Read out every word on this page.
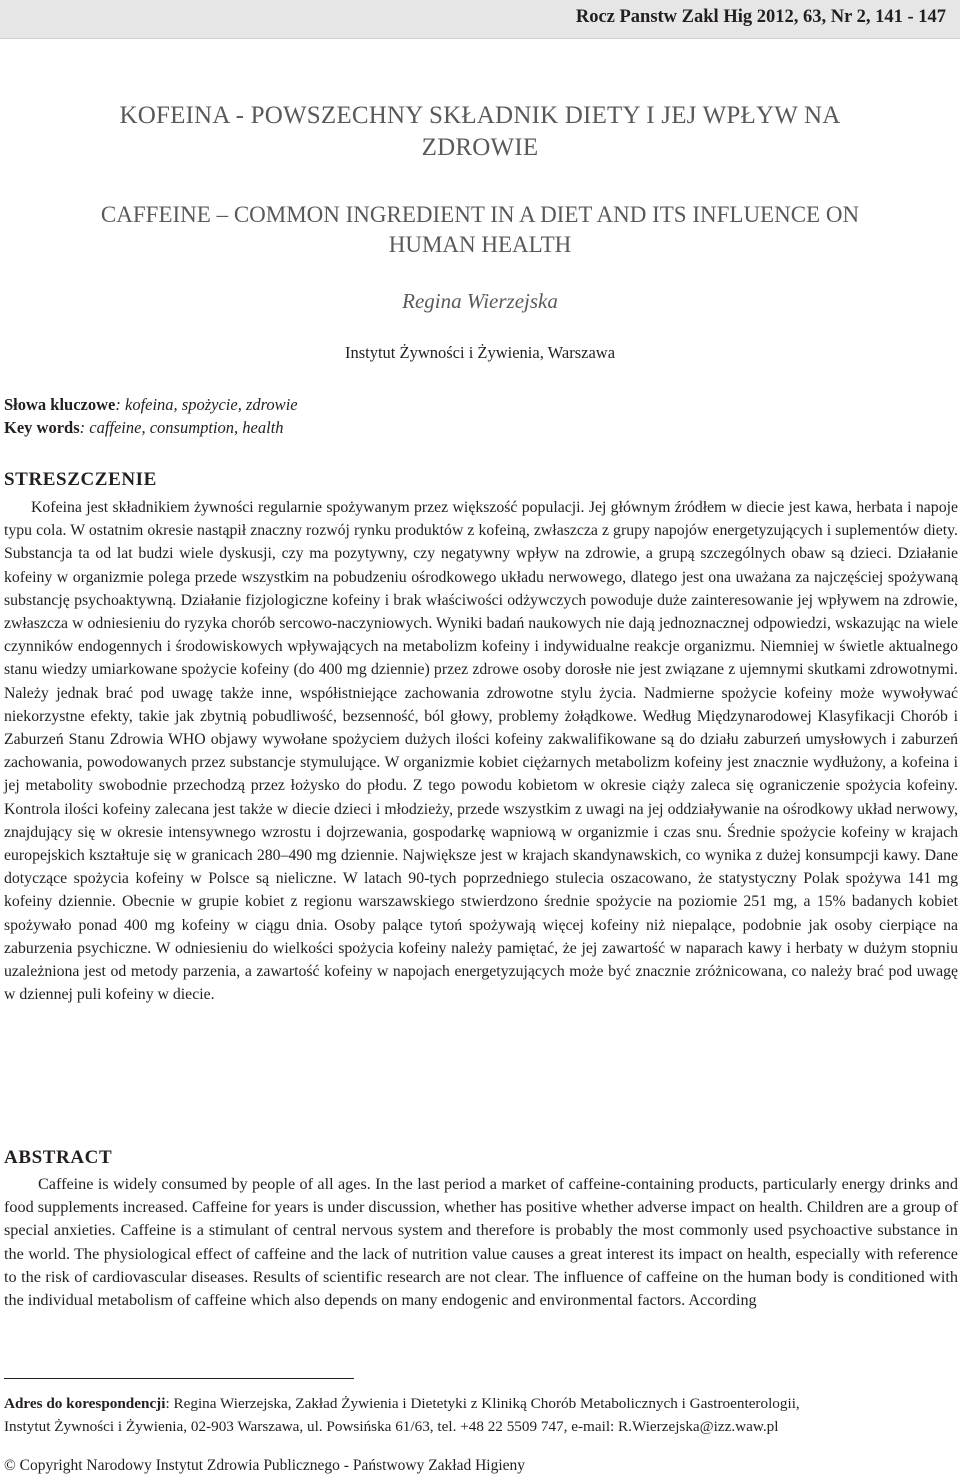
Rocz Panstw Zakl Hig 2012, 63, Nr 2, 141 - 147
KOFEINA - POWSZECHNY SKŁADNIK DIETY I JEJ WPŁYW NA
ZDROWIE
CAFFEINE – COMMON INGREDIENT IN A DIET AND ITS INFLUENCE ON
HUMAN HEALTH
Regina Wierzejska
Instytut Żywności i Żywienia, Warszawa
Słowa kluczowe: kofeina, spożycie, zdrowie
Key words: caffeine, consumption, health
STRESZCZENIE

Kofeina jest składnikiem żywności regularnie spożywanym przez większość populacji. Jej głównym źródłem w diecie jest kawa, herbata i napoje typu cola. W ostatnim okresie nastąpił znaczny rozwój rynku produktów z kofeiną, zwłaszcza z grupy napojów energetyzujących i suplementów diety. Substancja ta od lat budzi wiele dyskusji, czy ma pozytywny, czy negatywny wpływ na zdrowie, a grupą szczególnych obaw są dzieci. Działanie kofeiny w organizmie polega przede wszystkim na pobudzeniu ośrodkowego układu nerwowego, dlatego jest ona uważana za najczęściej spożywaną substancję psychoaktywną. Działanie fizjologiczne kofeiny i brak właściwości odżywczych powoduje duże zainteresowanie jej wpływem na zdrowie, zwłaszcza w odniesieniu do ryzyka chorób sercowo-naczyniowych. Wyniki badań naukowych nie dają jednoznacznej odpowiedzi, wskazując na wiele czynników endogennych i środowiskowych wpływających na metabolizm kofeiny i indywidualne reakcje organizmu. Niemniej w świetle aktualnego stanu wiedzy umiarkowane spożycie kofeiny (do 400 mg dziennie) przez zdrowe osoby dorosłe nie jest związane z ujemnymi skutkami zdrowotnymi. Należy jednak brać pod uwagę także inne, współistniejące zachowania zdrowotne stylu życia. Nadmierne spożycie kofeiny może wywoływać niekorzystne efekty, takie jak zbytnią pobudliwość, bezsenność, ból głowy, problemy żołądkowe. Według Międzynarodowej Klasyfikacji Chorób i Zaburzeń Stanu Zdrowia WHO objawy wywołane spożyciem dużych ilości kofeiny zakwalifikowane są do działu zaburzeń umysłowych i zaburzeń zachowania, powodowanych przez substancje stymulujące. W organizmie kobiet ciężarnych metabolizm kofeiny jest znacznie wydłużony, a kofeina i jej metabolity swobodnie przechodzą przez łożysko do płodu. Z tego powodu kobietom w okresie ciąży zaleca się ograniczenie spożycia kofeiny. Kontrola ilości kofeiny zalecana jest także w diecie dzieci i młodzieży, przede wszystkim z uwagi na jej oddziaływanie na ośrodkowy układ nerwowy, znajdujący się w okresie intensywnego wzrostu i dojrzewania, gospodarkę wapniową w organizmie i czas snu. Średnie spożycie kofeiny w krajach europejskich kształtuje się w granicach 280–490 mg dziennie. Największe jest w krajach skandynawskich, co wynika z dużej konsumpcji kawy. Dane dotyczące spożycia kofeiny w Polsce są nieliczne. W latach 90-tych poprzedniego stulecia oszacowano, że statystyczny Polak spożywa 141 mg kofeiny dziennie. Obecnie w grupie kobiet z regionu warszawskiego stwierdzono średnie spożycie na poziomie 251 mg, a 15% badanych kobiet spożywało ponad 400 mg kofeiny w ciągu dnia. Osoby palące tytoń spożywają więcej kofeiny niż niepalące, podobnie jak osoby cierpiące na zaburzenia psychiczne. W odniesieniu do wielkości spożycia kofeiny należy pamiętać, że jej zawartość w naparach kawy i herbaty w dużym stopniu uzależniona jest od metody parzenia, a zawartość kofeiny w napojach energetyzujących może być znacznie zróżnicowana, co należy brać pod uwagę w dziennej puli kofeiny w diecie.

ABSTRACT

Caffeine is widely consumed by people of all ages. In the last period a market of caffeine-containing products, particularly energy drinks and food supplements increased. Caffeine for years is under discussion, whether has positive whether adverse impact on health. Children are a group of special anxieties. Caffeine is a stimulant of central nervous system and therefore is probably the most commonly used psychoactive substance in the world. The physiological effect of caffeine and the lack of nutrition value causes a great interest its impact on health, especially with reference to the risk of cardiovascular diseases. Results of scientific research are not clear. The influence of caffeine on the human body is conditioned with the individual metabolism of caffeine which also depends on many endogenic and environmental factors. According

Adres do korespondencji: Regina Wierzejska, Zakład Żywienia i Dietetyki z Kliniką Chorób Metabolicznych i Gastroenterologii,
Instytut Żywności i Żywienia, 02-903 Warszawa, ul. Powsińska 61/63, tel. +48 22 5509 747, e-mail: R.Wierzejska@izz.waw.pl
© Copyright Narodowy Instytut Zdrowia Publicznego - Państwowy Zakład Higieny
